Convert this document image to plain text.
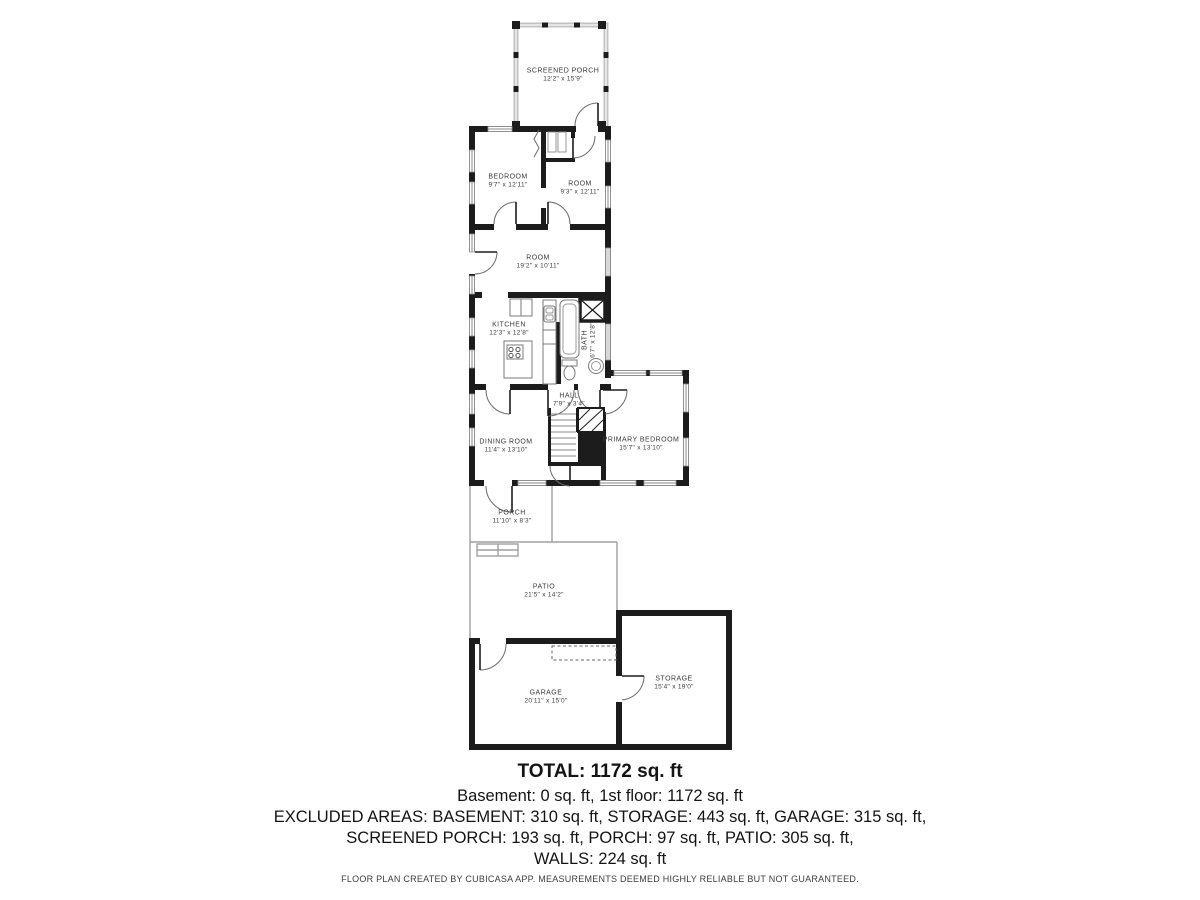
SCREENED PORCH
12'2" x 15'9"
BEDROOM
9'7" x 12'11"	ROOM
9'3" x 12'11"
ROOM
19'2" x 10'11"
KITCHEN
12'3" x 12'8"	BATH 6'7" x 12'8"
HALL
7'9" x 3'4"
DINING ROOM
11'4" x 13'10"
PRIMARY BEDROOM
15'7" x 13'10"
PORCH
11'10" x 8'3"
PATIO
21'5" x 14'2"
GARAGE
20'11" x 15'0"
STORAGE
15'4" x 19'0"
TOTAL: 1172 sq. ft
Basement: 0 sq. ft, 1st floor: 1172 sq. ft
EXCLUDED AREAS: BASEMENT: 310 sq. ft, STORAGE: 443 sq. ft, GARAGE: 315 sq. ft,
SCREENED PORCH: 193 sq. ft, PORCH: 97 sq. ft, PATIO: 305 sq. ft,
WALLS: 224 sq. ft
FLOOR PLAN CREATED BY CUBICASA APP. MEASUREMENTS DEEMED HIGHLY RELIABLE BUT NOT GUARANTEED.
